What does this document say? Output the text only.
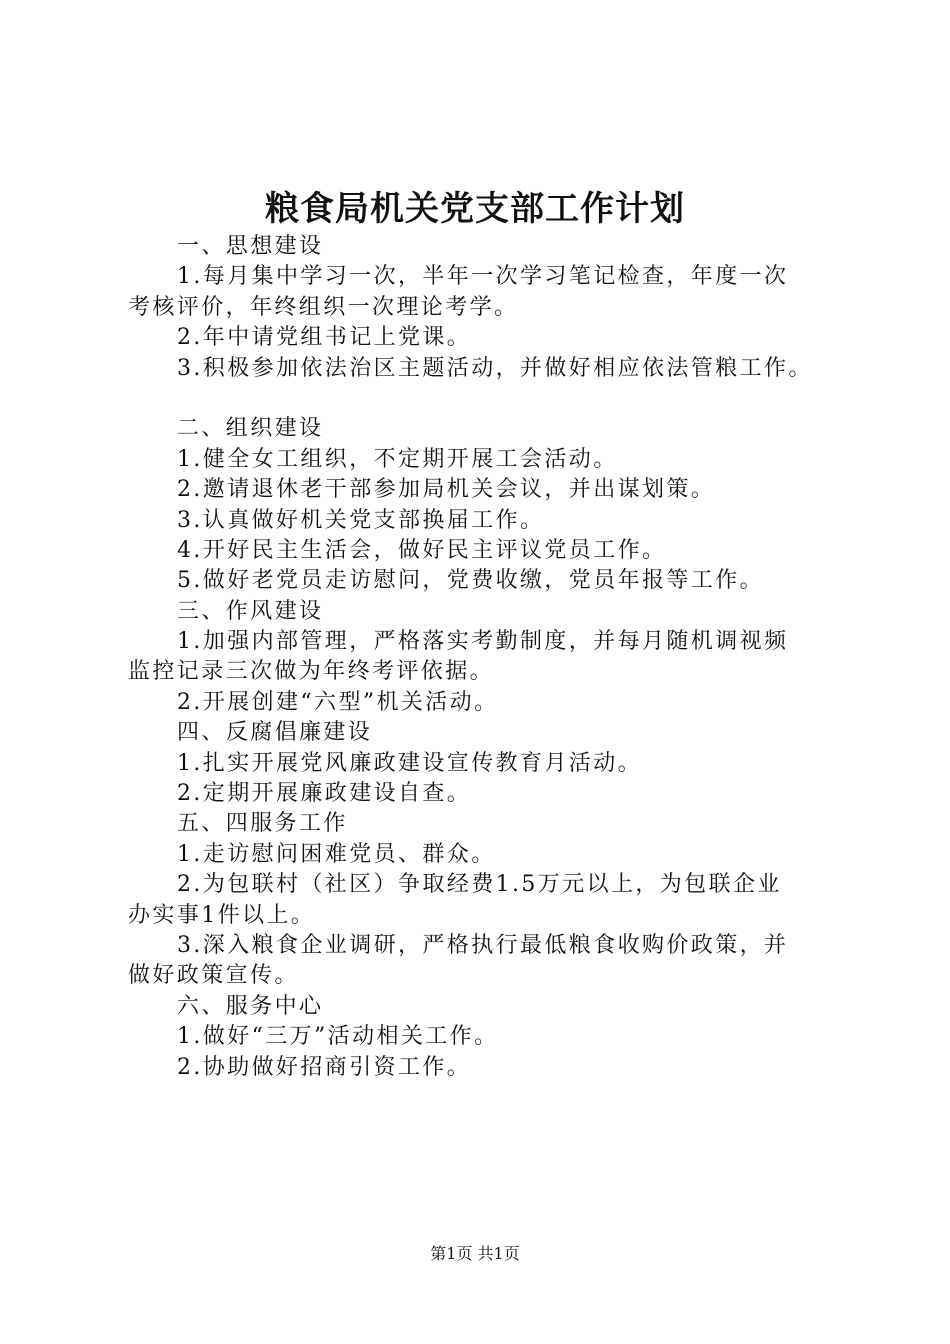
粮食局机关党支部工作计划
一、思想建设
1.每月集中学习一次，半年一次学习笔记检查，年度一次
考核评价，年终组织一次理论考学。
2.年中请党组书记上党课。
3.积极参加依法治区主题活动，并做好相应依法管粮工作。
二、组织建设
1.健全女工组织，不定期开展工会活动。
2.邀请退休老干部参加局机关会议，并出谋划策。
3.认真做好机关党支部换届工作。
4.开好民主生活会，做好民主评议党员工作。
5.做好老党员走访慰问，党费收缴，党员年报等工作。
三、作风建设
1.加强内部管理，严格落实考勤制度，并每月随机调视频
监控记录三次做为年终考评依据。
2.开展创建“六型”机关活动。
四、反腐倡廉建设
1.扎实开展党风廉政建设宣传教育月活动。
2.定期开展廉政建设自查。
五、四服务工作
1.走访慰问困难党员、群众。
2.为包联村（社区）争取经费1.5万元以上，为包联企业
办实事1件以上。
3.深入粮食企业调研，严格执行最低粮食收购价政策，并
做好政策宣传。
六、服务中心
1.做好“三万”活动相关工作。
2.协助做好招商引资工作。
第1页 共1页
